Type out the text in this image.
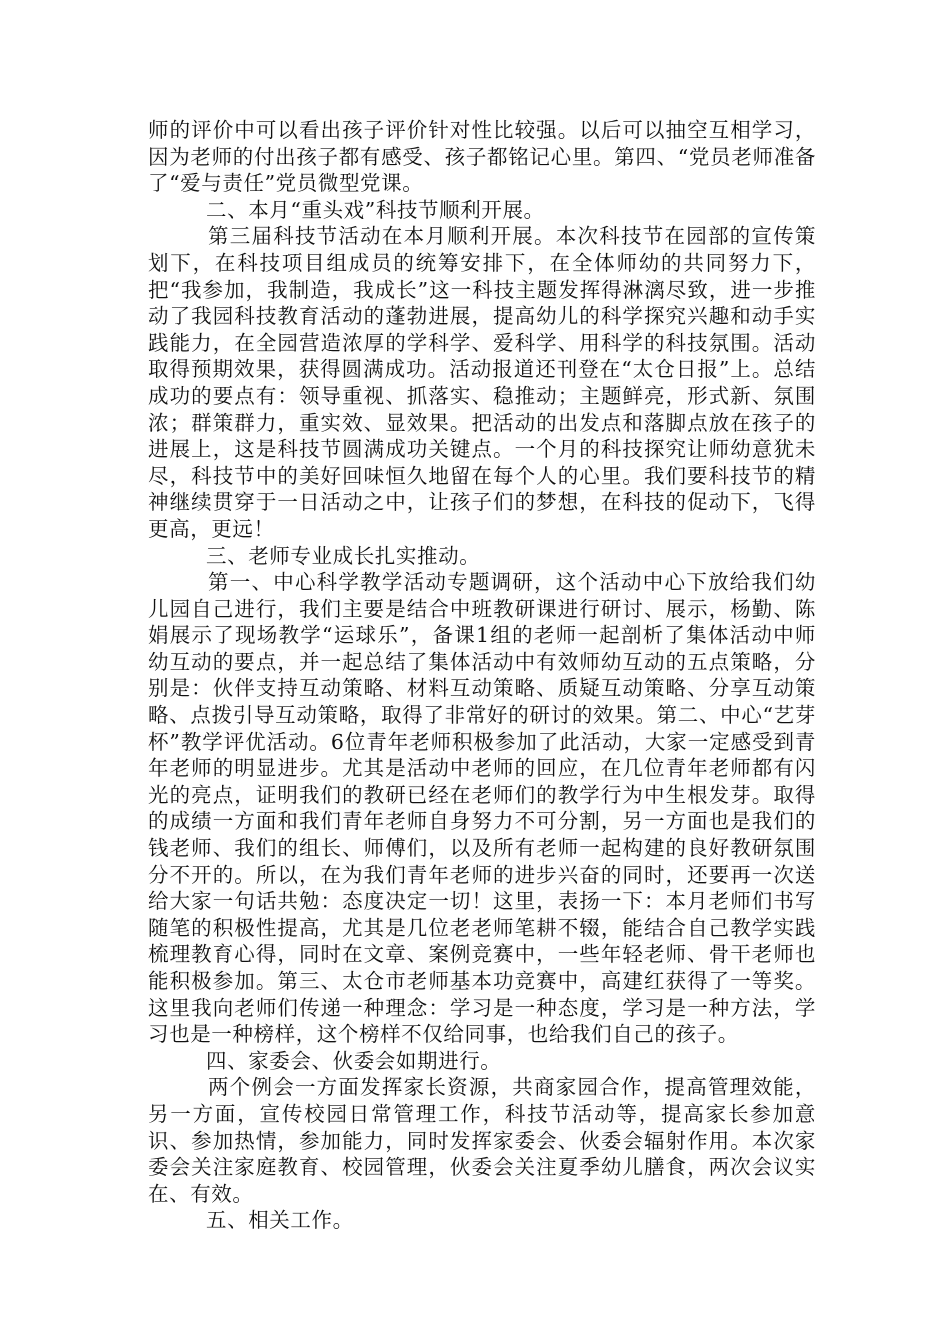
师的评价中可以看出孩子评价针对性比较强。以后可以抽空互相学习，因为老师的付出孩子都有感受、孩子都铭记心里。第四、“党员老师准备了“爱与责任”党员微型党课。

二、本月“重头戏”科技节顺利开展。

第三届科技节活动在本月顺利开展。本次科技节在园部的宣传策划下，在科技项目组成员的统筹安排下，在全体师幼的共同努力下，把“我参加，我制造，我成长”这一科技主题发挥得淋漓尽致，进一步推动了我园科技教育活动的蓬勃进展，提高幼儿的科学探究兴趣和动手实践能力，在全园营造浓厚的学科学、爱科学、用科学的科技氛围。活动取得预期效果，获得圆满成功。活动报道还刊登在“太仓日报”上。总结成功的要点有：领导重视、抓落实、稳推动；主题鲜亮，形式新、氛围浓；群策群力，重实效、显效果。把活动的出发点和落脚点放在孩子的进展上，这是科技节圆满成功关键点。一个月的科技探究让师幼意犹未尽，科技节中的美好回味恒久地留在每个人的心里。我们要科技节的精神继续贯穿于一日活动之中，让孩子们的梦想，在科技的促动下，飞得更高，更远！

三、老师专业成长扎实推动。

第一、中心科学教学活动专题调研，这个活动中心下放给我们幼儿园自己进行，我们主要是结合中班教研课进行研讨、展示，杨勤、陈娟展示了现场教学“运球乐”，备课1组的老师一起剖析了集体活动中师幼互动的要点，并一起总结了集体活动中有效师幼互动的五点策略，分别是：伙伴支持互动策略、材料互动策略、质疑互动策略、分享互动策略、点拨引导互动策略，取得了非常好的研讨的效果。第二、中心“艺芽杯”教学评优活动。6位青年老师积极参加了此活动，大家一定感受到青年老师的明显进步。尤其是活动中老师的回应，在几位青年老师都有闪光的亮点，证明我们的教研已经在老师们的教学行为中生根发芽。取得的成绩一方面和我们青年老师自身努力不可分割，另一方面也是我们的钱老师、我们的组长、师傅们，以及所有老师一起构建的良好教研氛围分不开的。所以，在为我们青年老师的进步兴奋的同时，还要再一次送给大家一句话共勉：态度决定一切！这里，表扬一下：本月老师们书写随笔的积极性提高，尤其是几位老老师笔耕不辍，能结合自己教学实践梳理教育心得，同时在文章、案例竞赛中，一些年轻老师、骨干老师也能积极参加。第三、太仓市老师基本功竞赛中，高建红获得了一等奖。这里我向老师们传递一种理念：学习是一种态度，学习是一种方法，学习也是一种榜样，这个榜样不仅给同事，也给我们自己的孩子。

四、家委会、伙委会如期进行。

两个例会一方面发挥家长资源，共商家园合作，提高管理效能，另一方面，宣传校园日常管理工作，科技节活动等，提高家长参加意识、参加热情，参加能力，同时发挥家委会、伙委会辐射作用。本次家委会关注家庭教育、校园管理，伙委会关注夏季幼儿膳食，两次会议实在、有效。

五、相关工作。
